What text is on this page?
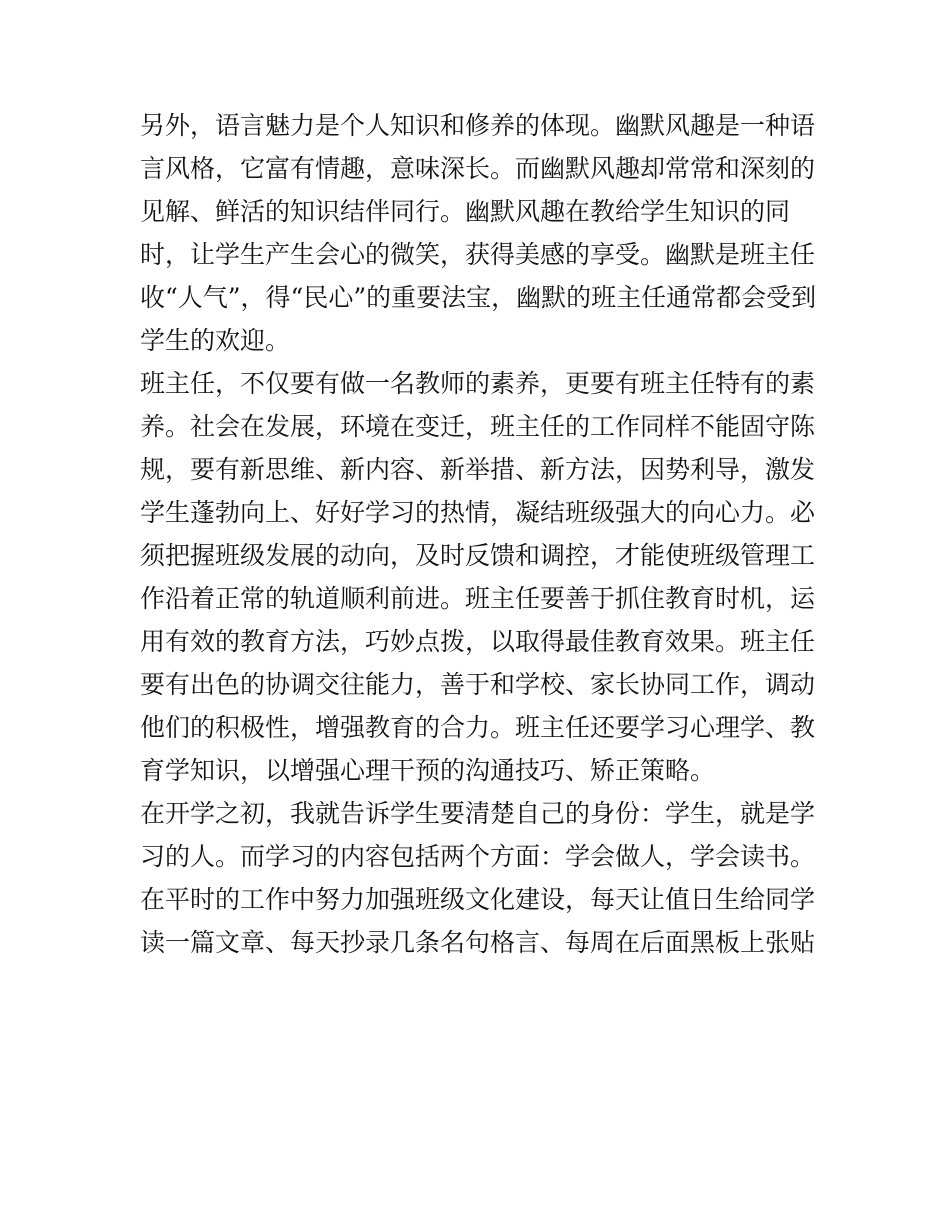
另外，语言魅力是个人知识和修养的体现。幽默风趣是一种语

言风格，它富有情趣，意味深长。而幽默风趣却常常和深刻的

见解、鲜活的知识结伴同行。幽默风趣在教给学生知识的同

时，让学生产生会心的微笑，获得美感的享受。幽默是班主任

收“人气”，得“民心”的重要法宝，幽默的班主任通常都会受到

学生的欢迎。

班主任，不仅要有做一名教师的素养，更要有班主任特有的素

养。社会在发展，环境在变迁，班主任的工作同样不能固守陈

规，要有新思维、新内容、新举措、新方法，因势利导，激发

学生蓬勃向上、好好学习的热情，凝结班级强大的向心力。必

须把握班级发展的动向，及时反馈和调控，才能使班级管理工

作沿着正常的轨道顺利前进。班主任要善于抓住教育时机，运

用有效的教育方法，巧妙点拨，以取得最佳教育效果。班主任

要有出色的协调交往能力，善于和学校、家长协同工作，调动

他们的积极性，增强教育的合力。班主任还要学习心理学、教

育学知识，以增强心理干预的沟通技巧、矫正策略。

在开学之初，我就告诉学生要清楚自己的身份：学生，就是学

习的人。而学习的内容包括两个方面：学会做人，学会读书。

在平时的工作中努力加强班级文化建设，每天让值日生给同学

读一篇文章、每天抄录几条名句格言、每周在后面黑板上张贴
